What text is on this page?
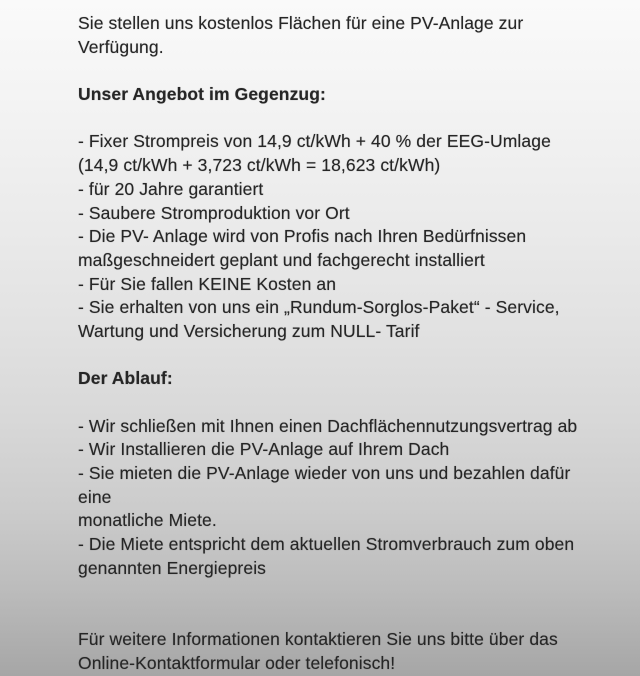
Sie stellen uns kostenlos Flächen für eine PV-Anlage zur
Verfügung.
Unser Angebot im Gegenzug:
- Fixer Strompreis von 14,9 ct/kWh + 40 % der EEG-Umlage
(14,9 ct/kWh + 3,723 ct/kWh = 18,623 ct/kWh)
- für 20 Jahre garantiert
- Saubere Stromproduktion vor Ort
- Die PV- Anlage wird von Profis nach Ihren Bedürfnissen
maßgeschneidert geplant und fachgerecht installiert
- Für Sie fallen KEINE Kosten an
- Sie erhalten von uns ein „Rundum-Sorglos-Paket“ - Service,
Wartung und Versicherung zum NULL- Tarif
Der Ablauf:
- Wir schließen mit Ihnen einen Dachflächennutzungsvertrag ab
- Wir Installieren die PV-Anlage auf Ihrem Dach
- Sie mieten die PV-Anlage wieder von uns und bezahlen dafür
eine
monatliche Miete.
- Die Miete entspricht dem aktuellen Stromverbrauch zum oben
genannten Energiepreis
Für weitere Informationen kontaktieren Sie uns bitte über das
Online-Kontaktformular oder telefonisch!
